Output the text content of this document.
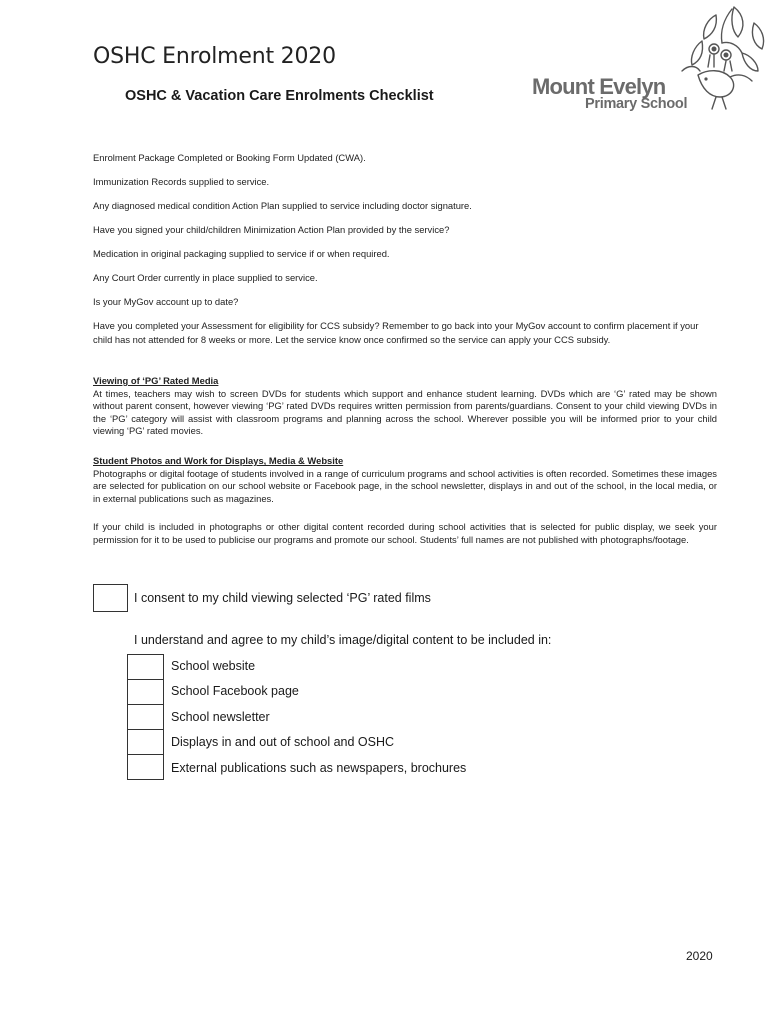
OSHC Enrolment 2020
OSHC & Vacation Care Enrolments Checklist	Mount Evelyn
Primary School
Enrolment Package Completed or Booking Form Updated (CWA).
Immunization Records supplied to service.
Any diagnosed medical condition Action Plan supplied to service including doctor signature.
Have you signed your child/children Minimization Action Plan provided by the service?
Medication in original packaging supplied to service if or when required.
Any Court Order currently in place supplied to service.
Is your MyGov account up to date?
Have you completed your Assessment for eligibility for CCS subsidy? Remember to go back into your MyGov account to confirm placement if your child has not attended for 8 weeks or more. Let the service know once confirmed so the service can apply your CCS subsidy.
Viewing of ‘PG’ Rated Media
At times, teachers may wish to screen DVDs for students which support and enhance student learning. DVDs which are ‘G’ rated may be shown without parent consent, however viewing ‘PG’ rated DVDs requires written permission from parents/guardians. Consent to your child viewing DVDs in the ‘PG’ category will assist with classroom programs and planning across the school. Wherever possible you will be informed prior to your child viewing ‘PG’ rated movies.
Student Photos and Work for Displays, Media & Website
Photographs or digital footage of students involved in a range of curriculum programs and school activities is often recorded. Sometimes these images are selected for publication on our school website or Facebook page, in the school newsletter, displays in and out of the school, in the local media, or in external publications such as magazines.
If your child is included in photographs or other digital content recorded during school activities that is selected for public display, we seek your permission for it to be used to publicise our programs and promote our school. Students’ full names are not published with photographs/footage.
I consent to my child viewing selected ‘PG’ rated films
I understand and agree to my child’s image/digital content to be included in:
School website
School Facebook page
School newsletter
Displays in and out of school and OSHC
External publications such as newspapers, brochures
2020
